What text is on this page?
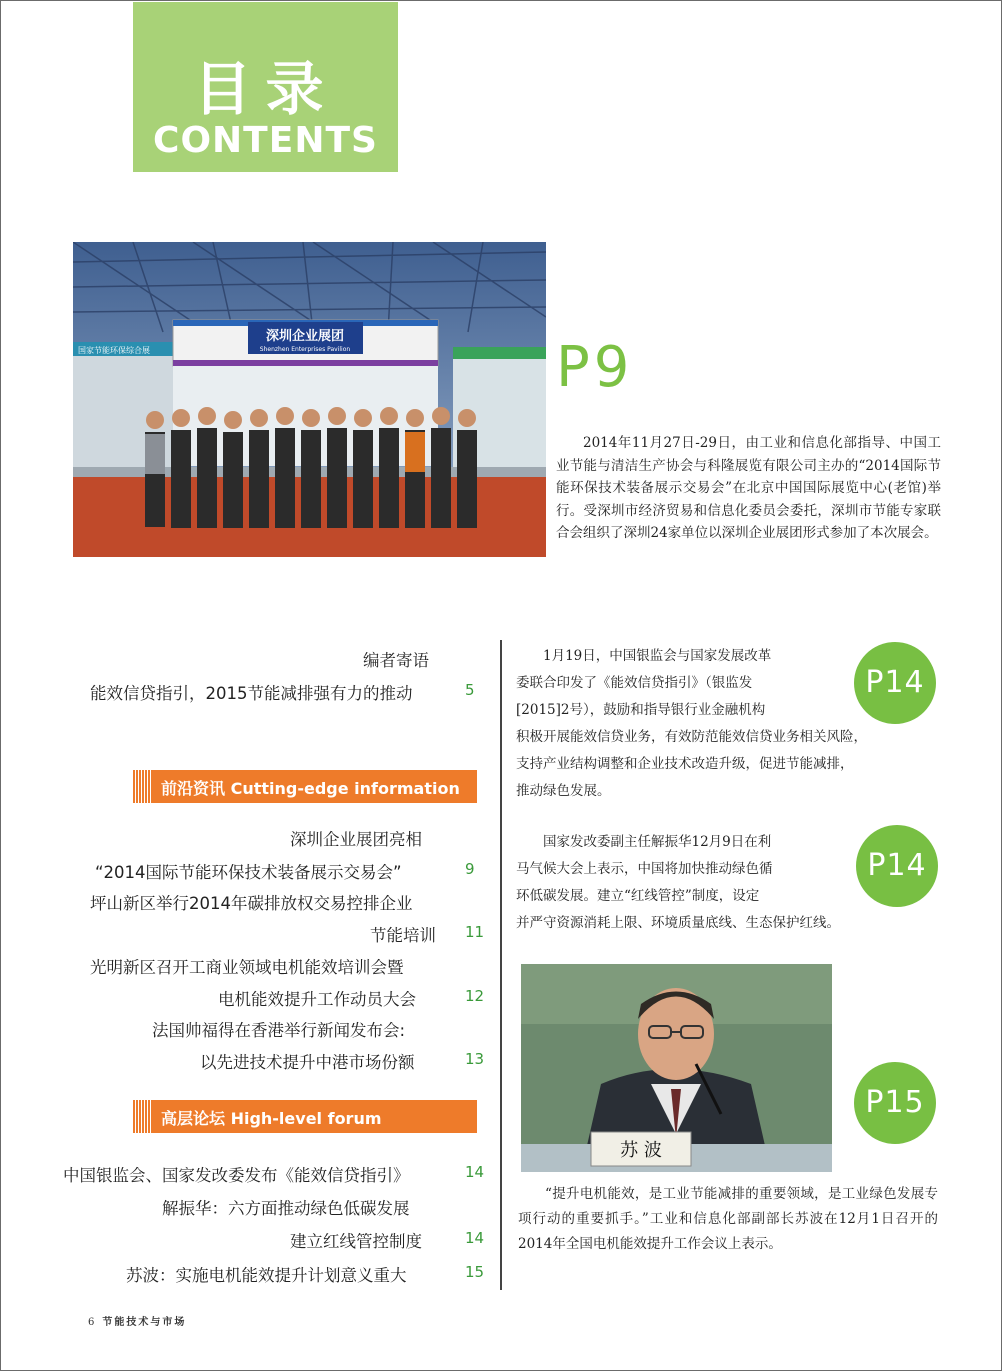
目录
CONTENTS
国家节能环保综合展
深圳企业展团
Shenzhen Enterprises Pavilion	P9
2014年11月27日-29日，由工业和信息化部指导、中国工业节能与清洁生产协会与科隆展览有限公司主办的“2014国际节能环保技术装备展示交易会”在北京中国国际展览中心(老馆)举行。受深圳市经济贸易和信息化委员会委托，深圳市节能专家联合会组织了深圳24家单位以深圳企业展团形式参加了本次展会。
编者寄语
能效信贷指引，2015节能减排强有力的推动	5
前沿资讯 Cutting-edge information
深圳企业展团亮相
“2014国际节能环保技术装备展示交易会”	9
坪山新区举行2014年碳排放权交易控排企业
节能培训 11
光明新区召开工商业领域电机能效培训会暨
电机能效提升工作动员大会	12
法国帅福得在香港举行新闻发布会:
以先进技术提升中港市场份额	13
高层论坛 High-level forum
中国银监会、国家发改委发布《能效信贷指引》	14
解振华：六方面推动绿色低碳发展
建立红线管控制度	14
苏波：实施电机能效提升计划意义重大	15
P14
1月19日，中国银监会与国家发展改革
委联合印发了《能效信贷指引》（银监发
[2015]2号），鼓励和指导银行业金融机构
积极开展能效信贷业务，有效防范能效信贷业务相关风险，
支持产业结构调整和企业技术改造升级，促进节能减排，
推动绿色发展。
P14
国家发改委副主任解振华12月9日在利
马气候大会上表示，中国将加快推动绿色循
环低碳发展。建立“红线管控”制度，设定
并严守资源消耗上限、环境质量底线、生态保护红线。
苏 波
P15
“提升电机能效，是工业节能减排的重要领域，是工业绿色发展专项行动的重要抓手。”工业和信息化部副部长苏波在12月1日召开的2014年全国电机能效提升工作会议上表示。
6 节能技术与市场
